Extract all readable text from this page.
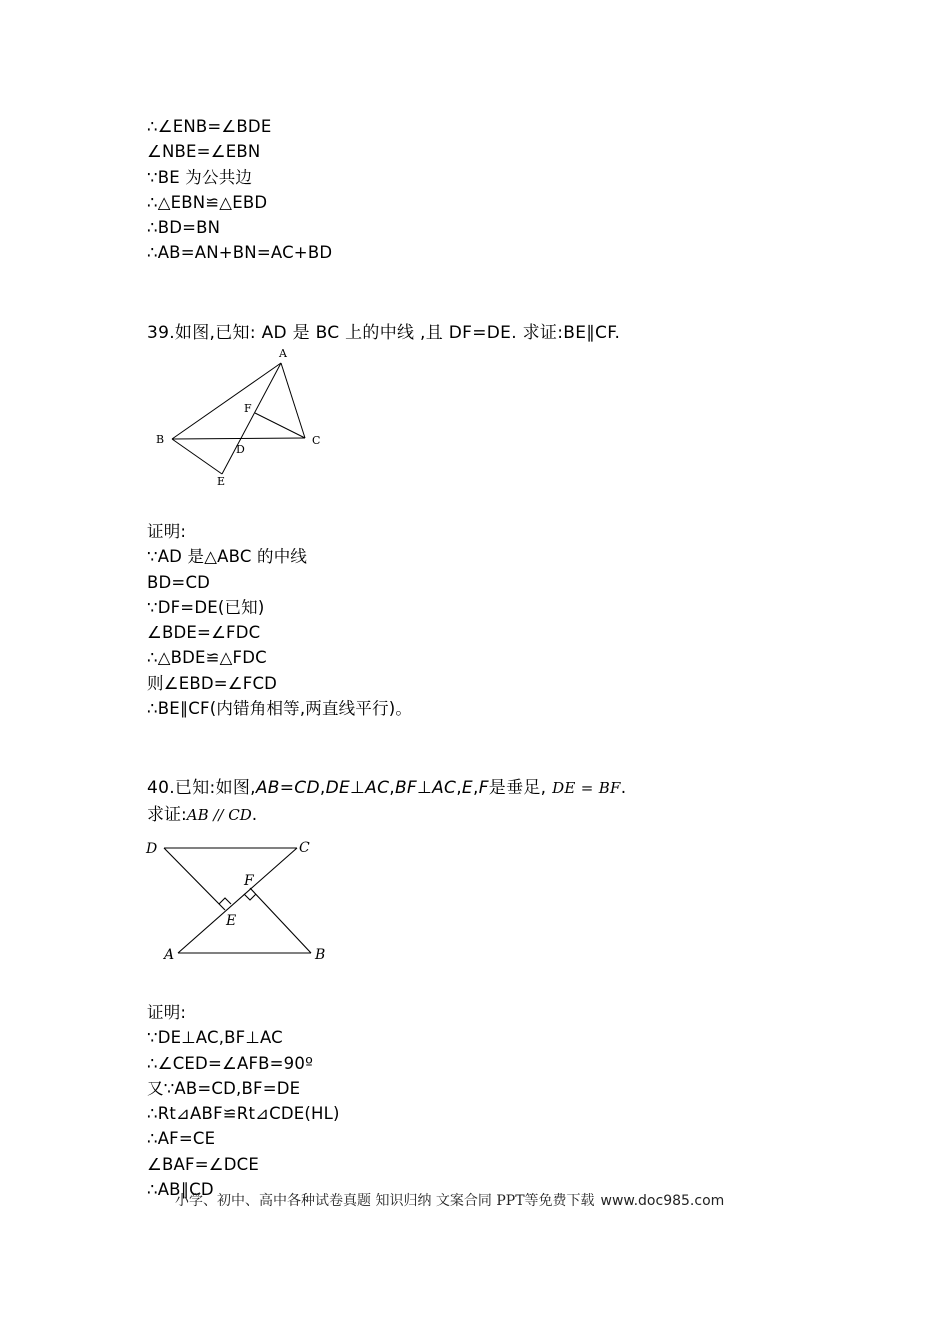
∴∠ENB=∠BDE
∠NBE=∠EBN
∵BE 为公共边
∴△EBN≌△EBD
∴BD=BN
∴AB=AN+BN=AC+BD
39.如图,已知: AD 是 BC 上的中线 ,且 DF=DE. 求证:BE∥CF.
A
B	C
D
E
F
证明:
∵AD 是△ABC 的中线
BD=CD
∵DF=DE(已知)
∠BDE=∠FDC
∴△BDE≌△FDC
则∠EBD=∠FCD
∴BE∥CF(内错角相等,两直线平行)。
40.已知:如图,AB=CD,DE⊥AC,BF⊥AC,E,F是垂足, DE = BF.
求证:AB // CD.
D	C
A	B
E
F
证明:
∵DE⊥AC,BF⊥AC
∴∠CED=∠AFB=90º
又∵AB=CD,BF=DE
∴Rt⊿ABF≌Rt⊿CDE(HL)
∴AF=CE
∠BAF=∠DCE
∴AB∥CD
小学、初中、高中各种试卷真题 知识归纳 文案合同 PPT等免费下载 www.doc985.com
